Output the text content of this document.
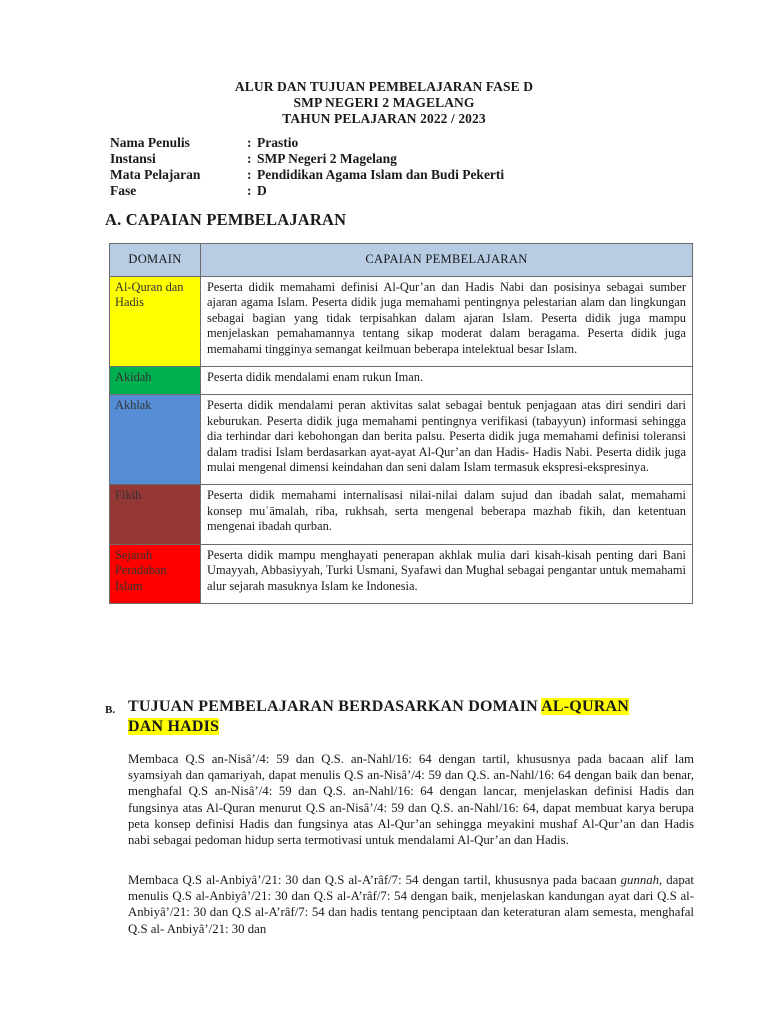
ALUR DAN TUJUAN PEMBELAJARAN FASE D
SMP NEGERI 2 MAGELANG
TAHUN PELAJARAN 2022 / 2023
Nama Penulis	: Prastio
Instansi	: SMP Negeri 2 Magelang
Mata Pelajaran	: Pendidikan Agama Islam dan Budi Pekerti
Fase	: D
A. CAPAIAN PEMBELAJARAN
DOMAIN	CAPAIAN PEMBELAJARAN
Al-Quran dan Hadis	Peserta didik memahami definisi Al-Qur’an dan Hadis Nabi dan posisinya sebagai sumber ajaran agama Islam. Peserta didik juga memahami pentingnya pelestarian alam dan lingkungan sebagai bagian yang tidak terpisahkan dalam ajaran Islam. Peserta didik juga mampu menjelaskan pemahamannya tentang sikap moderat dalam beragama. Peserta didik juga memahami tingginya semangat keilmuan beberapa intelektual besar Islam.
Akidah	Peserta didik mendalami enam rukun Iman.
Akhlak	Peserta didik mendalami peran aktivitas salat sebagai bentuk penjagaan atas diri sendiri dari keburukan. Peserta didik juga memahami pentingnya verifikasi (tabayyun) informasi sehingga dia terhindar dari kebohongan dan berita palsu. Peserta didik juga memahami definisi toleransi dalam tradisi Islam berdasarkan ayat-ayat Al-Qur’an dan Hadis- Hadis Nabi. Peserta didik juga mulai mengenal dimensi keindahan dan seni dalam Islam termasuk ekspresi-ekspresinya.
Fikih	Peserta didik memahami internalisasi nilai-nilai dalam sujud dan ibadah salat, memahami konsep muʿāmalah, riba, rukhsah, serta mengenal beberapa mazhab fikih, dan ketentuan mengenai ibadah qurban.
Sejarah Peradaban Islam	Peserta didik mampu menghayati penerapan akhlak mulia dari kisah-kisah penting dari Bani Umayyah, Abbasiyyah, Turki Usmani, Syafawi dan Mughal sebagai pengantar untuk memahami alur sejarah masuknya Islam ke Indonesia.
B. TUJUAN PEMBELAJARAN BERDASARKAN DOMAIN AL-QURAN
DAN HADIS
Membaca Q.S an-Nisâ’/4: 59 dan Q.S. an-Nahl/16: 64 dengan tartil, khususnya pada bacaan alif lam syamsiyah dan qamariyah, dapat menulis Q.S an-Nisâ’/4: 59 dan Q.S. an-Nahl/16: 64 dengan baik dan benar, menghafal Q.S an-Nisâ’/4: 59 dan Q.S. an-Nahl/16: 64 dengan lancar, menjelaskan definisi Hadis dan fungsinya atas Al-Quran menurut Q.S an-Nisâ’/4: 59 dan Q.S. an-Nahl/16: 64, dapat membuat karya berupa peta konsep definisi Hadis dan fungsinya atas Al-Qur’an sehingga meyakini mushaf Al-Qur’an dan Hadis nabi sebagai pedoman hidup serta termotivasi untuk mendalami Al-Qur’an dan Hadis.
Membaca Q.S al-Anbiyâ’/21: 30 dan Q.S al-A’râf/7: 54 dengan tartil, khususnya pada bacaan gunnah, dapat menulis Q.S al-Anbiyâ’/21: 30 dan Q.S al-A’râf/7: 54 dengan baik, menjelaskan kandungan ayat dari Q.S al-Anbiyâ’/21: 30 dan Q.S al-A’râf/7: 54 dan hadis tentang penciptaan dan keteraturan alam semesta, menghafal Q.S al- Anbiyâ’/21: 30 dan
